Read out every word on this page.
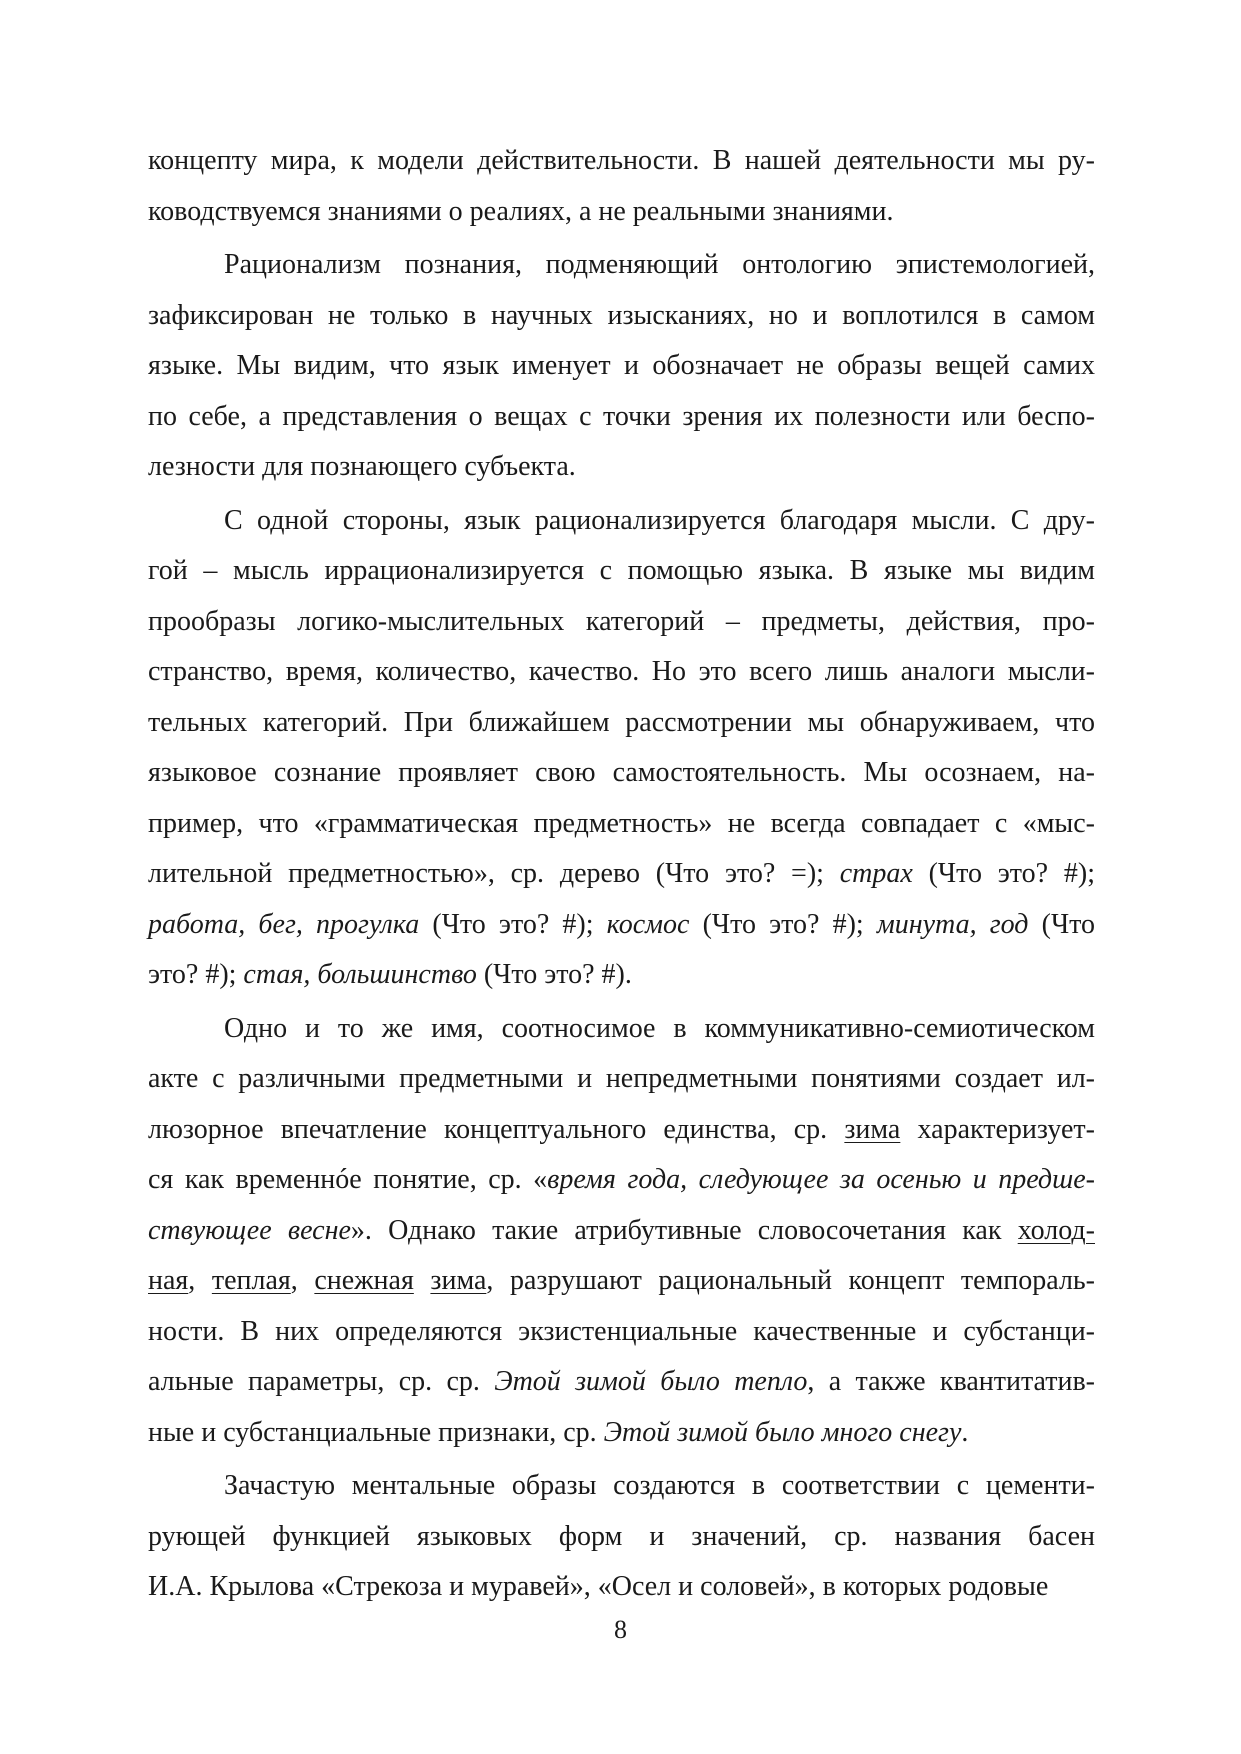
концепту мира, к модели действительности. В нашей деятельности мы ру-
ководствуемся знаниями о реалиях, а не реальными знаниями.
Рационализм познания, подменяющий онтологию эпистемологией,
зафиксирован не только в научных изысканиях, но и воплотился в самом
языке. Мы видим, что язык именует и обозначает не образы вещей самих
по себе, а представления о вещах с точки зрения их полезности или беспо-
лезности для познающего субъекта.
С одной стороны, язык рационализируется благодаря мысли. С дру-
гой – мысль иррационализируется с помощью языка. В языке мы видим
прообразы логико-мыслительных категорий – предметы, действия, про-
странство, время, количество, качество. Но это всего лишь аналоги мысли-
тельных категорий. При ближайшем рассмотрении мы обнаруживаем, что
языковое сознание проявляет свою самостоятельность. Мы осознаем, на-
пример, что «грамматическая предметность» не всегда совпадает с «мыс-
лительной предметностью», ср. дерево (Что это? =); страх (Что это? #);
работа, бег, прогулка (Что это? #); космос (Что это? #); минута, год (Что
это? #); стая, большинство (Что это? #).
Одно и то же имя, соотносимое в коммуникативно-семиотическом
акте с различными предметными и непредметными понятиями создает ил-
люзорное впечатление концептуального единства, ср. зима характеризует-
ся как временнóе понятие, ср. «время года, следующее за осенью и предше-
ствующее весне». Однако такие атрибутивные словосочетания как холод-
ная, теплая, снежная зима, разрушают рациональный концепт темпораль-
ности. В них определяются экзистенциальные качественные и субстанци-
альные параметры, ср. ср. Этой зимой было тепло, а также квантитатив-
ные и субстанциальные признаки, ср. Этой зимой было много снегу.
Зачастую ментальные образы создаются в соответствии с цементи-
рующей функцией языковых форм и значений, ср. названия басен
И.А. Крылова «Стрекоза и муравей», «Осел и соловей», в которых родовые
8
